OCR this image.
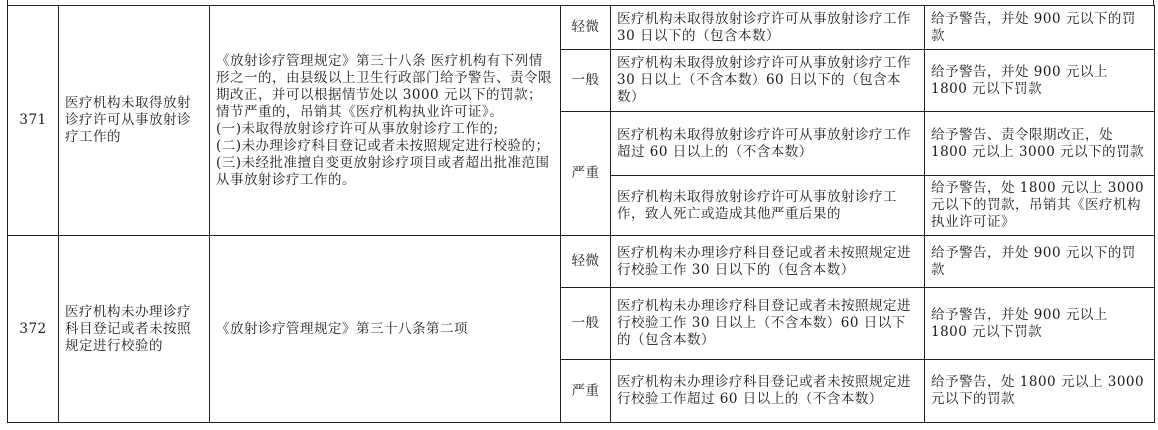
371	医疗机构未取得放射诊疗许可从事放射诊疗工作的	《放射诊疗管理规定》第三十八条 医疗机构有下列情形之一的，由县级以上卫生行政部门给予警告、责令限期改正，并可以根据情节处以 3000 元以下的罚款；情节严重的，吊销其《医疗机构执业许可证》。
(一)未取得放射诊疗许可从事放射诊疗工作的;
(二)未办理诊疗科目登记或者未按照规定进行校验的；
(三)未经批准擅自变更放射诊疗项目或者超出批准范围从事放射诊疗工作的。	轻微	医疗机构未取得放射诊疗许可从事放射诊疗工作 30 日以下的（包含本数）	给予警告，并处 900 元以下的罚款
			一般	医疗机构未取得放射诊疗许可从事放射诊疗工作 30 日以上（不含本数）60 日以下的（包含本数）	给予警告，并处 900 元以上 1800 元以下罚款
			严重	医疗机构未取得放射诊疗许可从事放射诊疗工作超过 60 日以上的（不含本数）	给予警告、责令限期改正，处 1800 元以上 3000 元以下的罚款
				医疗机构未取得放射诊疗许可从事放射诊疗工作，致人死亡或造成其他严重后果的	给予警告，处 1800 元以上 3000 元以下的罚款，吊销其《医疗机构执业许可证》
372	医疗机构未办理诊疗科目登记或者未按照规定进行校验的	《放射诊疗管理规定》第三十八条第二项	轻微	医疗机构未办理诊疗科目登记或者未按照规定进行校验工作 30 日以下的（包含本数）	给予警告，并处 900 元以下的罚款
			一般	医疗机构未办理诊疗科目登记或者未按照规定进行校验工作 30 日以上（不含本数）60 日以下的（包含本数）	给予警告，并处 900 元以上 1800 元以下罚款
			严重	医疗机构未办理诊疗科目登记或者未按照规定进行校验工作超过 60 日以上的（不含本数）	给予警告，处 1800 元以上 3000 元以下的罚款
